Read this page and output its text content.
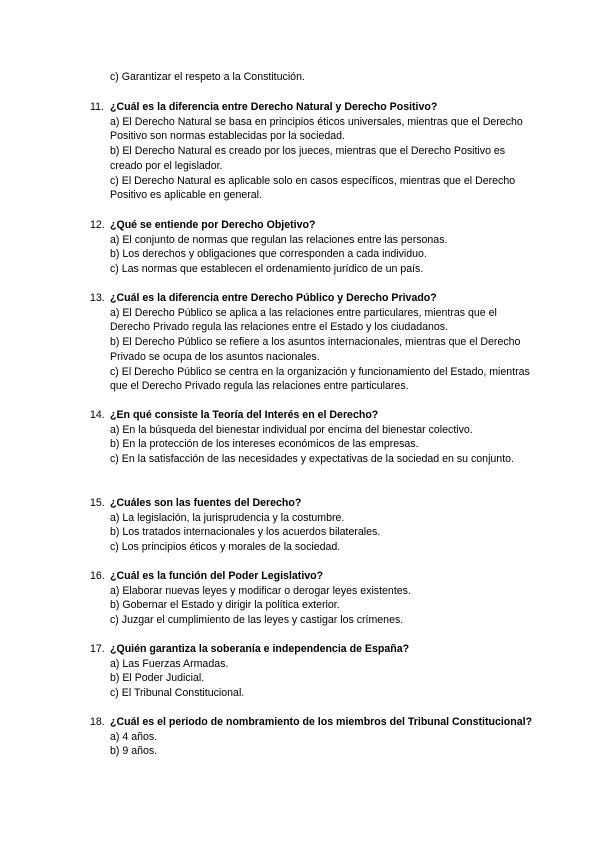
c) Garantizar el respeto a la Constitución.
11. ¿Cuál es la diferencia entre Derecho Natural y Derecho Positivo?
a) El Derecho Natural se basa en principios éticos universales, mientras que el Derecho Positivo son normas establecidas por la sociedad.
b) El Derecho Natural es creado por los jueces, mientras que el Derecho Positivo es creado por el legislador.
c) El Derecho Natural es aplicable solo en casos específicos, mientras que el Derecho Positivo es aplicable en general.
12. ¿Qué se entiende por Derecho Objetivo?
a) El conjunto de normas que regulan las relaciones entre las personas.
b) Los derechos y obligaciones que corresponden a cada individuo.
c) Las normas que establecen el ordenamiento jurídico de un país.
13. ¿Cuál es la diferencia entre Derecho Público y Derecho Privado?
a) El Derecho Público se aplica a las relaciones entre particulares, mientras que el Derecho Privado regula las relaciones entre el Estado y los ciudadanos.
b) El Derecho Público se refiere a los asuntos internacionales, mientras que el Derecho Privado se ocupa de los asuntos nacionales.
c) El Derecho Público se centra en la organización y funcionamiento del Estado, mientras que el Derecho Privado regula las relaciones entre particulares.
14. ¿En qué consiste la Teoría del Interés en el Derecho?
a) En la búsqueda del bienestar individual por encima del bienestar colectivo.
b) En la protección de los intereses económicos de las empresas.
c) En la satisfacción de las necesidades y expectativas de la sociedad en su conjunto.
15. ¿Cuáles son las fuentes del Derecho?
a) La legislación, la jurisprudencia y la costumbre.
b) Los tratados internacionales y los acuerdos bilaterales.
c) Los principios éticos y morales de la sociedad.
16. ¿Cuál es la función del Poder Legislativo?
a) Elaborar nuevas leyes y modificar o derogar leyes existentes.
b) Gobernar el Estado y dirigir la política exterior.
c) Juzgar el cumplimiento de las leyes y castigar los crímenes.
17. ¿Quién garantiza la soberanía e independencia de España?
a) Las Fuerzas Armadas.
b) El Poder Judicial.
c) El Tribunal Constitucional.
18. ¿Cuál es el periodo de nombramiento de los miembros del Tribunal Constitucional?
a) 4 años.
b) 9 años.
